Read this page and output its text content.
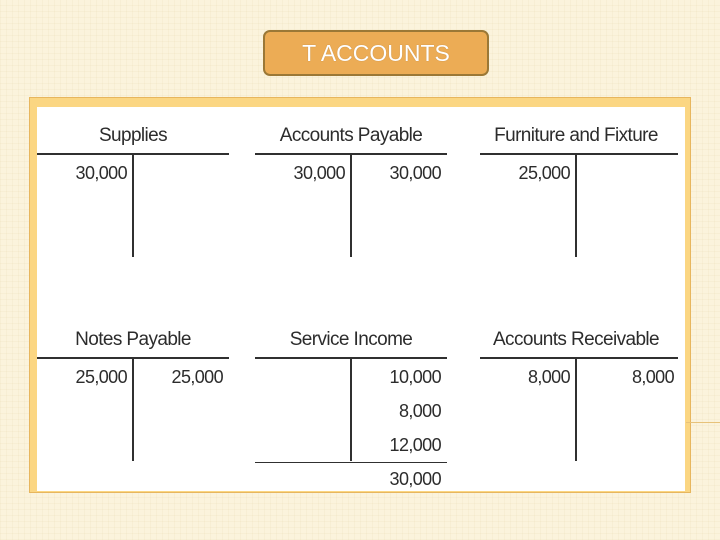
T ACCOUNTS
Supplies
30,000
Accounts Payable
30,000	30,000
Furniture and Fixture
25,000
Notes Payable
25,000	25,000
Service Income
10,000
8,000
12,000
30,000
Accounts Receivable
8,000	8,000
